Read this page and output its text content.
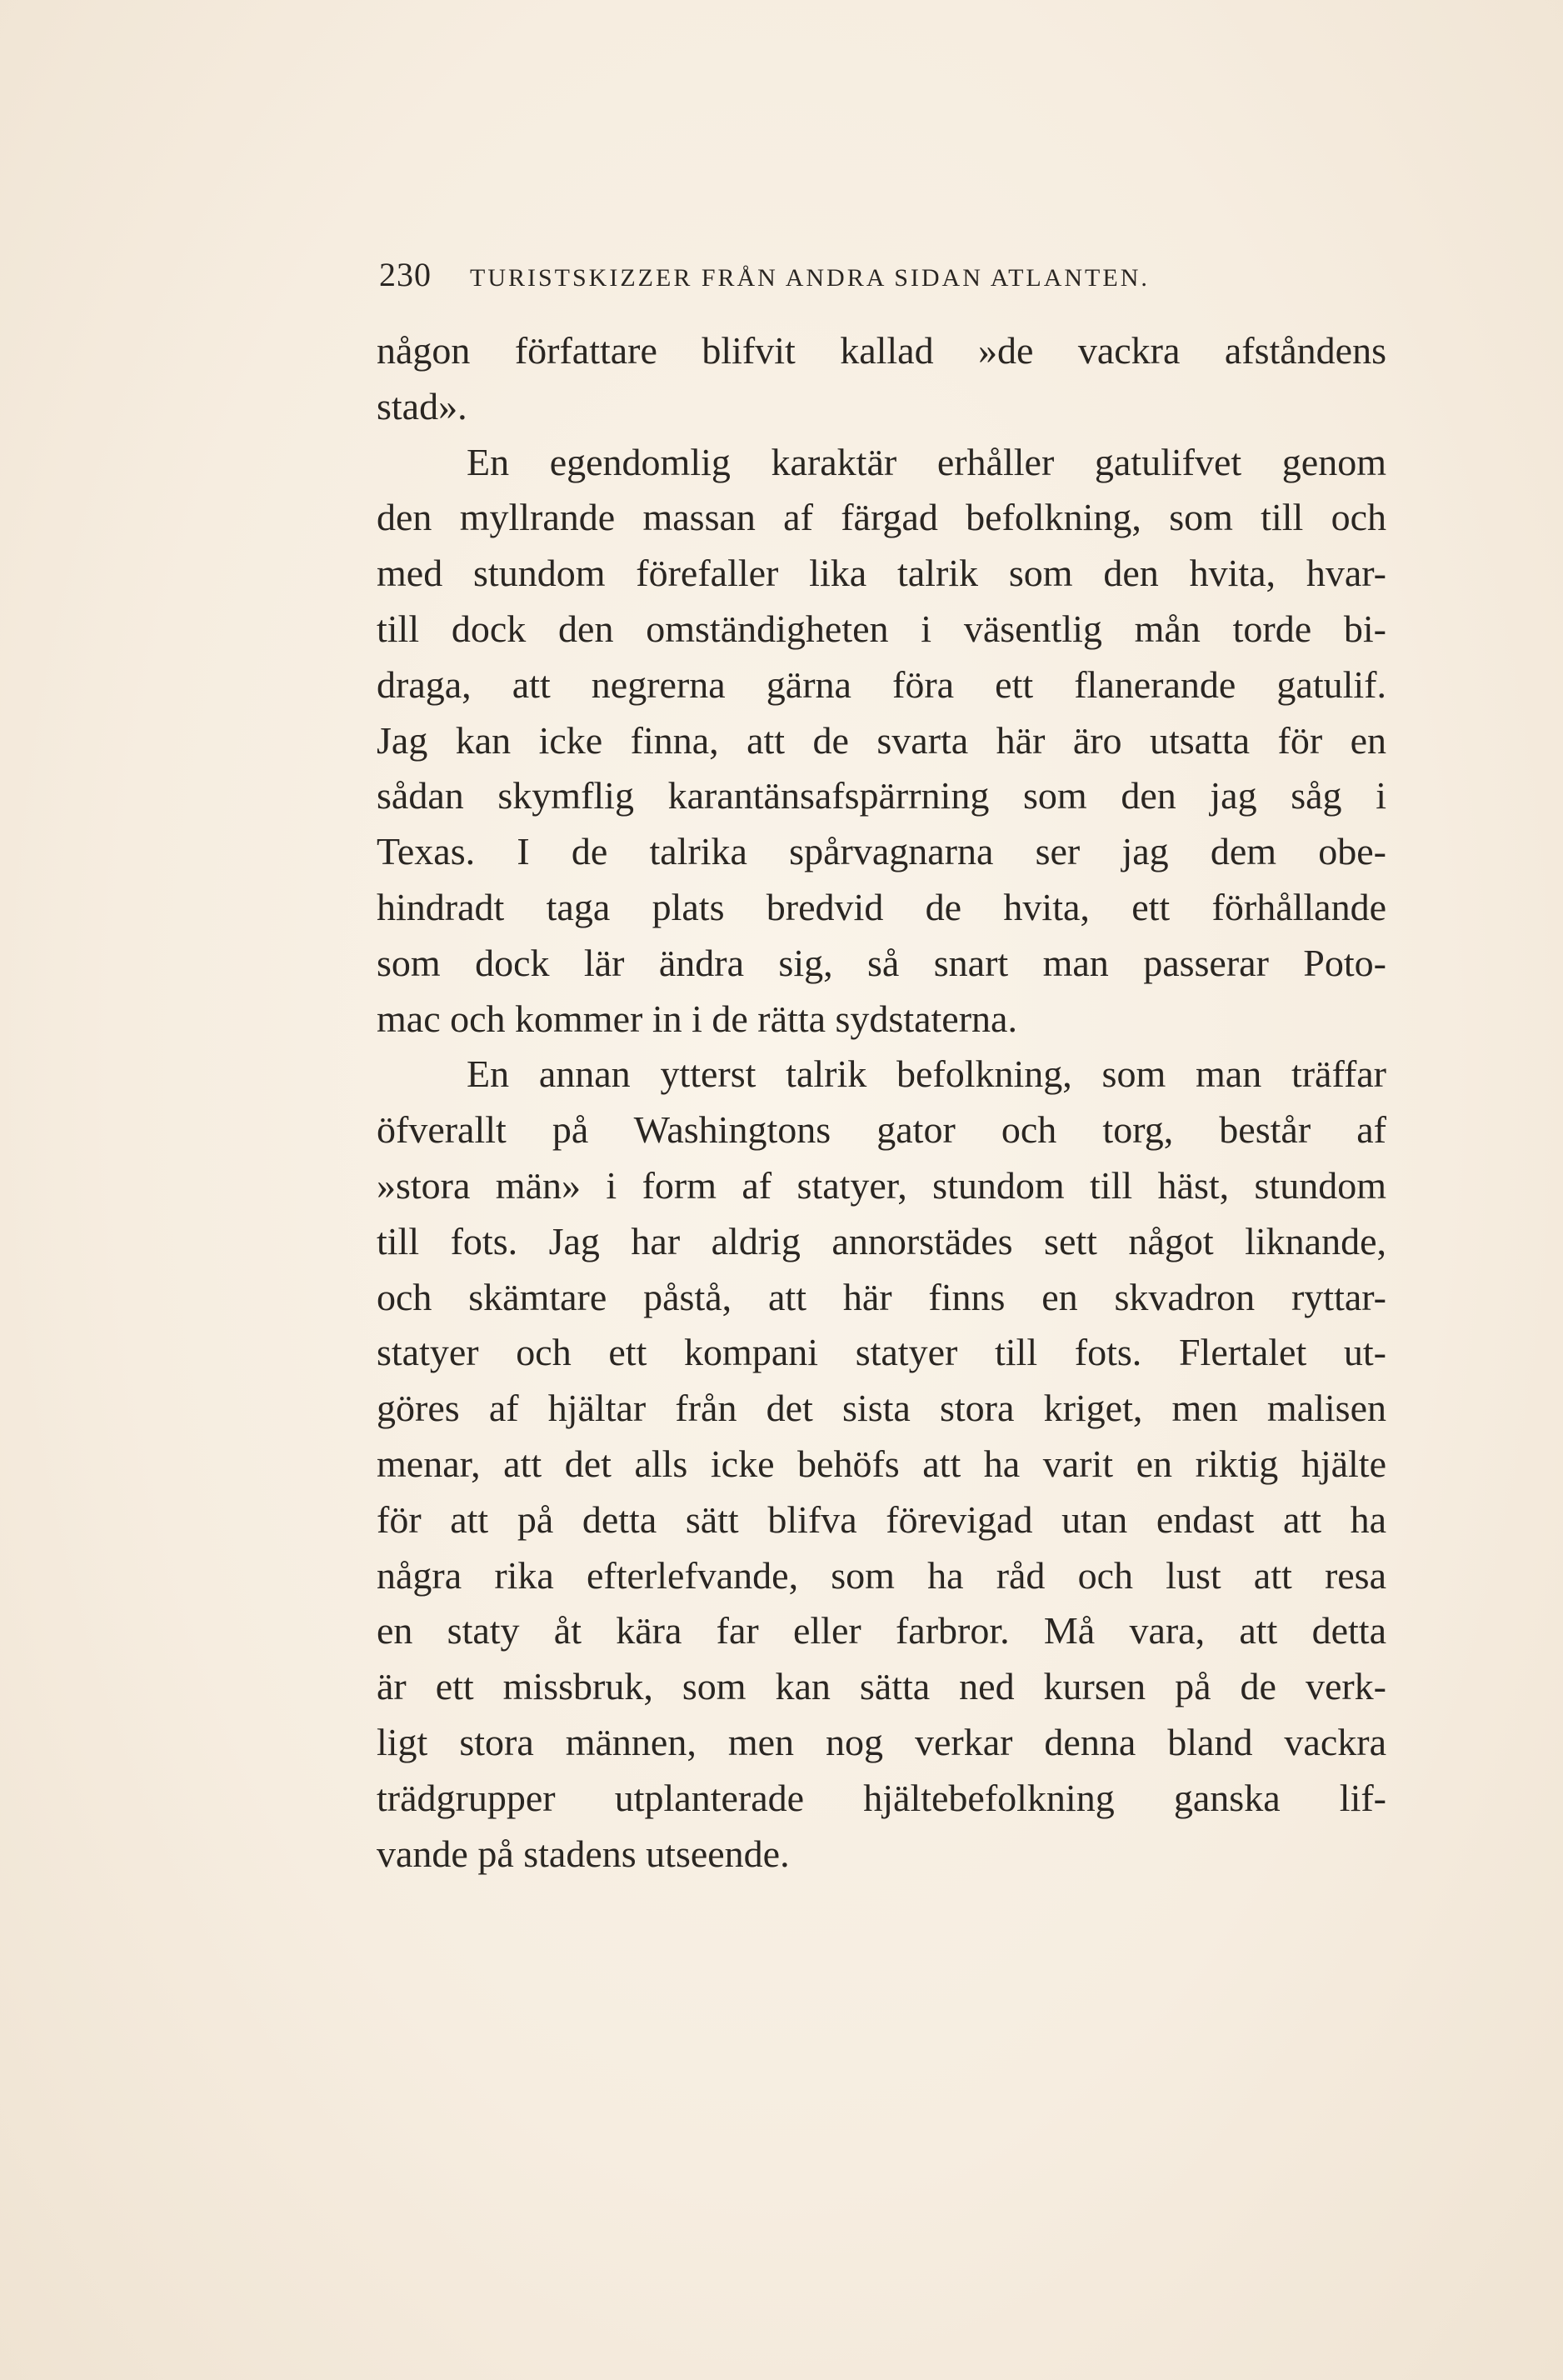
230 TURISTSKIZZER FRÅN ANDRA SIDAN ATLANTEN.
någon författare blifvit kallad »de vackra afståndens
stad».
En egendomlig karaktär erhåller gatulifvet genom
den myllrande massan af färgad befolkning, som till och
med stundom förefaller lika talrik som den hvita, hvar-
till dock den omständigheten i väsentlig mån torde bi-
draga, att negrerna gärna föra ett flanerande gatulif.
Jag kan icke finna, att de svarta här äro utsatta för en
sådan skymflig karantänsafspärrning som den jag såg i
Texas. I de talrika spårvagnarna ser jag dem obe-
hindradt taga plats bredvid de hvita, ett förhållande
som dock lär ändra sig, så snart man passerar Poto-
mac och kommer in i de rätta sydstaterna.
En annan ytterst talrik befolkning, som man träffar
öfverallt på Washingtons gator och torg, består af
»stora män» i form af statyer, stundom till häst, stundom
till fots. Jag har aldrig annorstädes sett något liknande,
och skämtare påstå, att här finns en skvadron ryttar-
statyer och ett kompani statyer till fots. Flertalet ut-
göres af hjältar från det sista stora kriget, men malisen
menar, att det alls icke behöfs att ha varit en riktig hjälte
för att på detta sätt blifva förevigad utan endast att ha
några rika efterlefvande, som ha råd och lust att resa
en staty åt kära far eller farbror. Må vara, att detta
är ett missbruk, som kan sätta ned kursen på de verk-
ligt stora männen, men nog verkar denna bland vackra
trädgrupper utplanterade hjältebefolkning ganska lif-
vande på stadens utseende.
